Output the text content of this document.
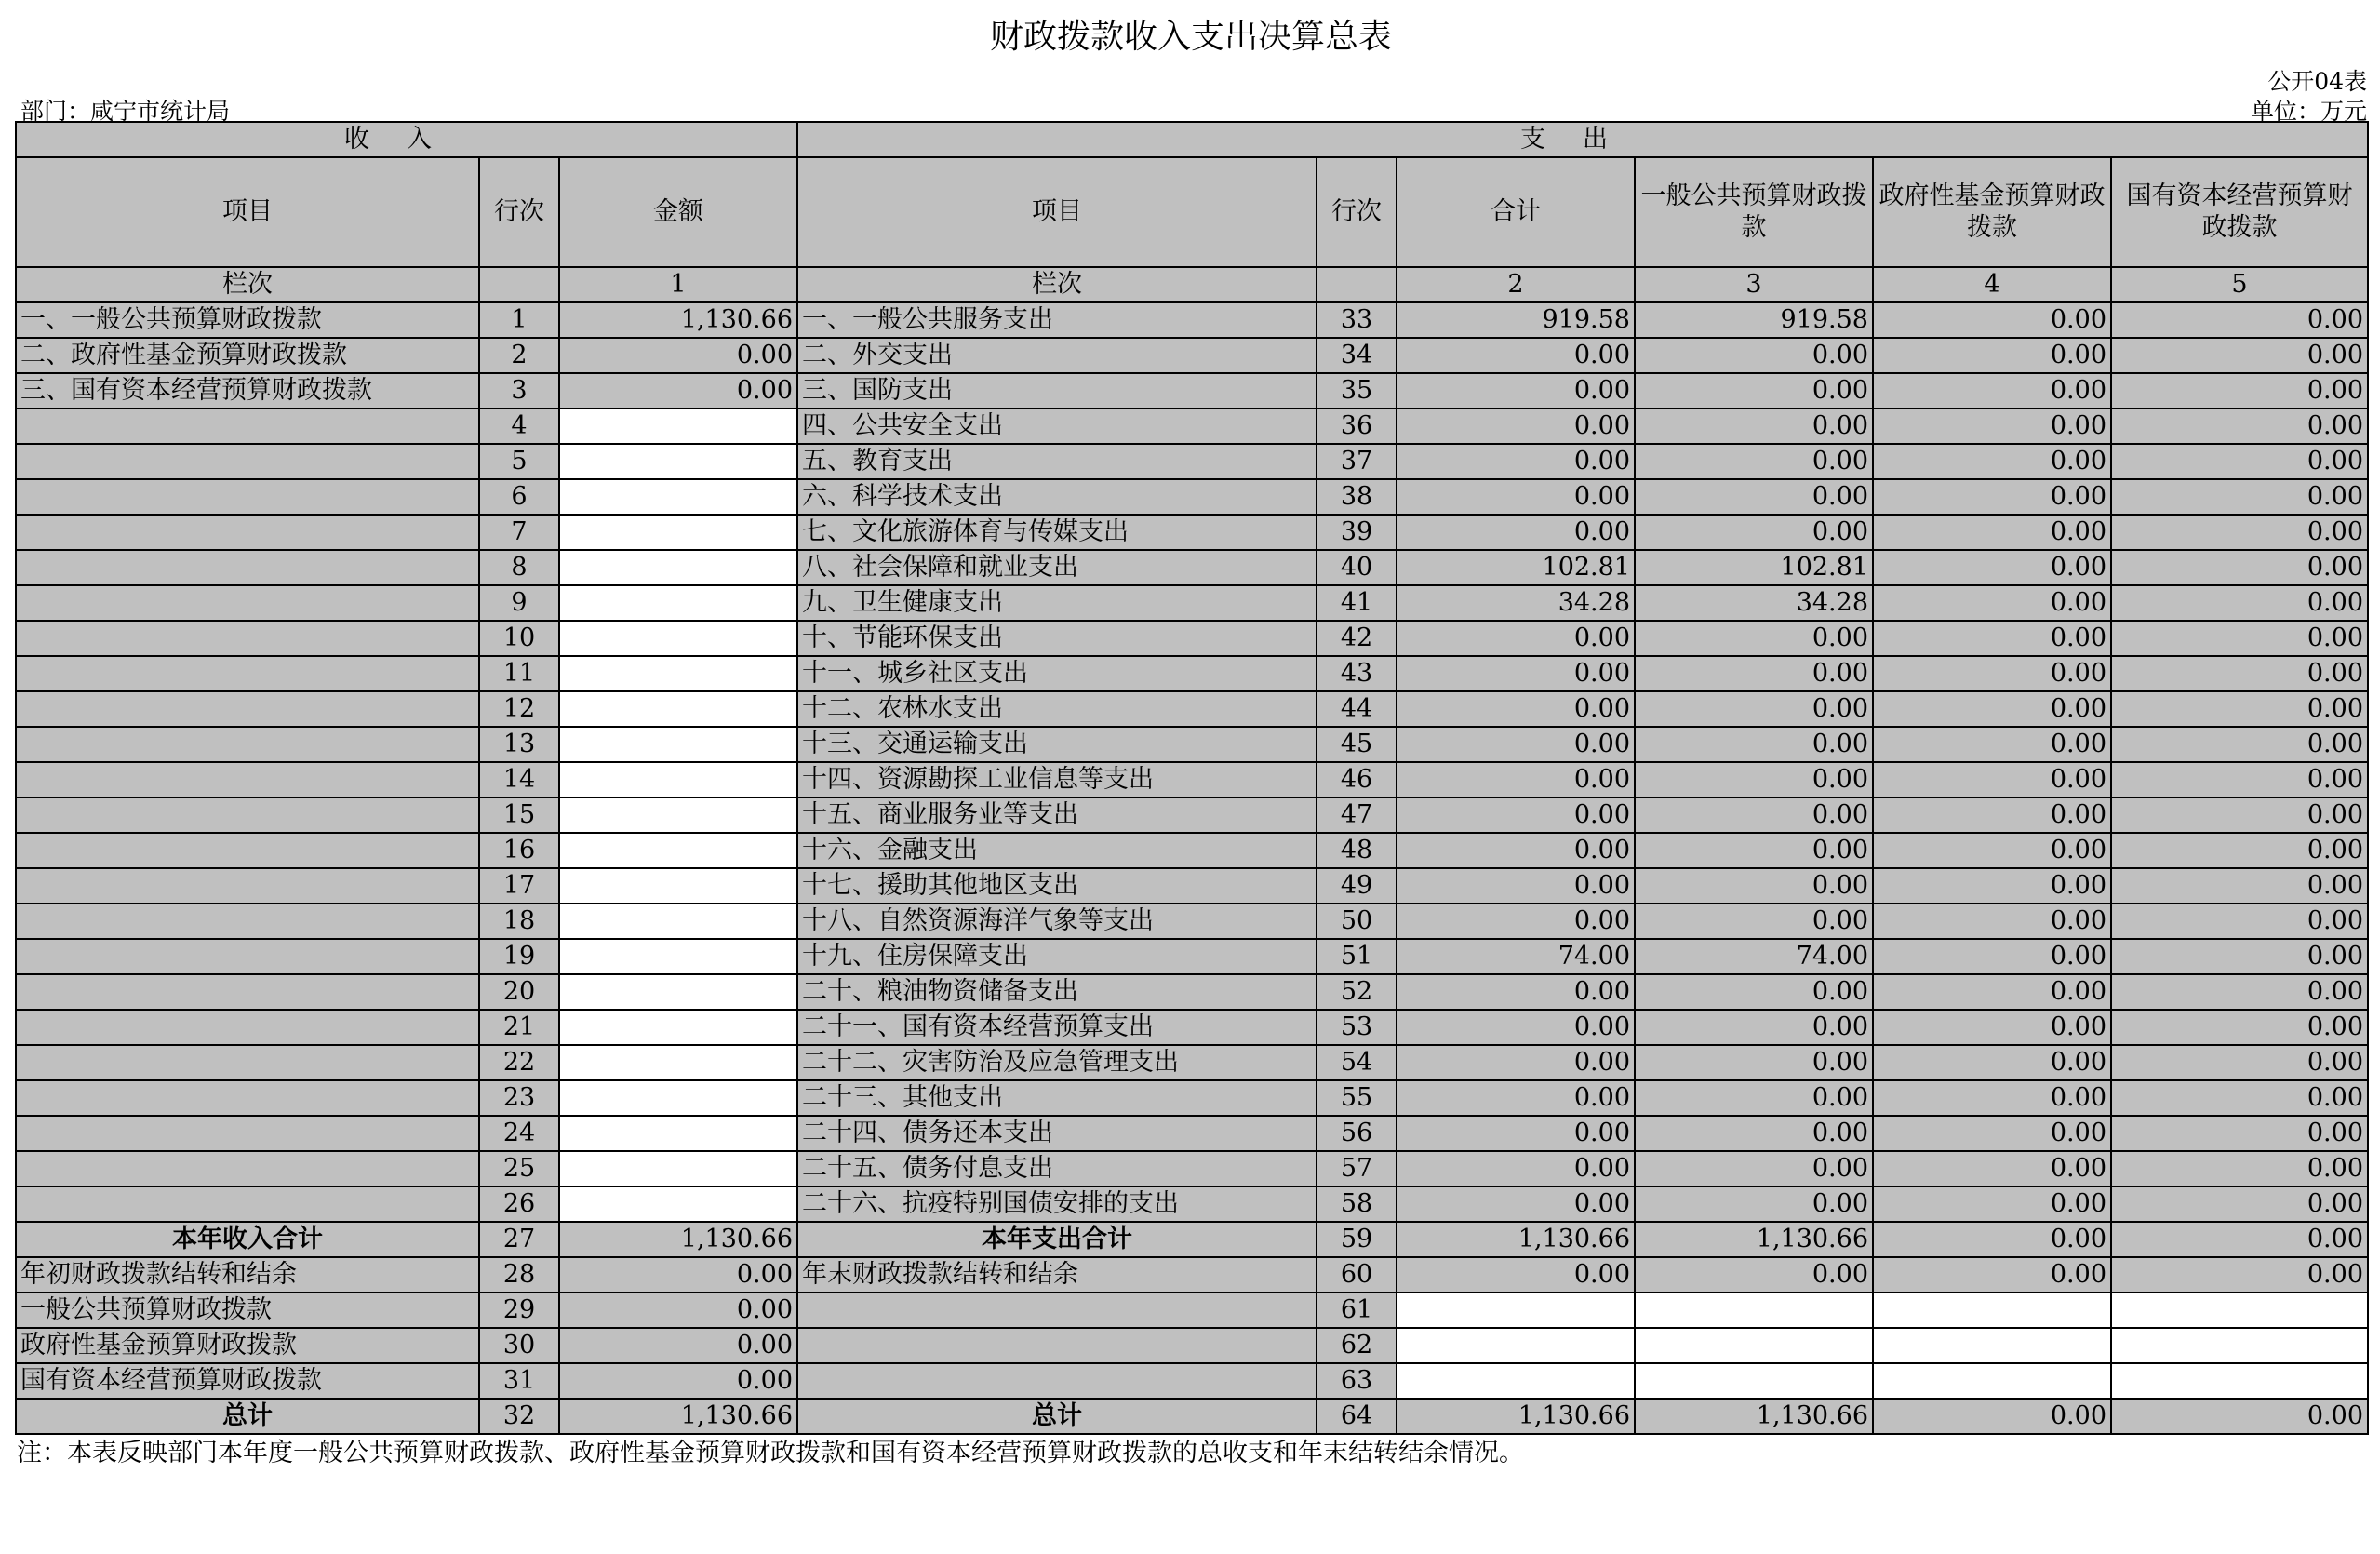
财政拨款收入支出决算总表
公开04表
部门：咸宁市统计局	单位：万元
收入			支出					
项目	行次	金额	项目	行次	合计	一般公共预算财政拨款	政府性基金预算财政拨款	国有资本经营预算财政拨款
栏次		1	栏次		2	3	4	5
一、一般公共预算财政拨款	1	1,130.66	一、一般公共服务支出	33	919.58	919.58	0.00	0.00
二、政府性基金预算财政拨款	2	0.00	二、外交支出	34	0.00	0.00	0.00	0.00
三、国有资本经营预算财政拨款	3	0.00	三、国防支出	35	0.00	0.00	0.00	0.00
	4		四、公共安全支出	36	0.00	0.00	0.00	0.00
	5		五、教育支出	37	0.00	0.00	0.00	0.00
	6		六、科学技术支出	38	0.00	0.00	0.00	0.00
	7		七、文化旅游体育与传媒支出	39	0.00	0.00	0.00	0.00
	8		八、社会保障和就业支出	40	102.81	102.81	0.00	0.00
	9		九、卫生健康支出	41	34.28	34.28	0.00	0.00
	10		十、节能环保支出	42	0.00	0.00	0.00	0.00
	11		十一、城乡社区支出	43	0.00	0.00	0.00	0.00
	12		十二、农林水支出	44	0.00	0.00	0.00	0.00
	13		十三、交通运输支出	45	0.00	0.00	0.00	0.00
	14		十四、资源勘探工业信息等支出	46	0.00	0.00	0.00	0.00
	15		十五、商业服务业等支出	47	0.00	0.00	0.00	0.00
	16		十六、金融支出	48	0.00	0.00	0.00	0.00
	17		十七、援助其他地区支出	49	0.00	0.00	0.00	0.00
	18		十八、自然资源海洋气象等支出	50	0.00	0.00	0.00	0.00
	19		十九、住房保障支出	51	74.00	74.00	0.00	0.00
	20		二十、粮油物资储备支出	52	0.00	0.00	0.00	0.00
	21		二十一、国有资本经营预算支出	53	0.00	0.00	0.00	0.00
	22		二十二、灾害防治及应急管理支出	54	0.00	0.00	0.00	0.00
	23		二十三、其他支出	55	0.00	0.00	0.00	0.00
	24		二十四、债务还本支出	56	0.00	0.00	0.00	0.00
	25		二十五、债务付息支出	57	0.00	0.00	0.00	0.00
	26		二十六、抗疫特别国债安排的支出	58	0.00	0.00	0.00	0.00
本年收入合计	27	1,130.66	本年支出合计	59	1,130.66	1,130.66	0.00	0.00
年初财政拨款结转和结余	28	0.00	年末财政拨款结转和结余	60	0.00	0.00	0.00	0.00
一般公共预算财政拨款	29	0.00		61				
政府性基金预算财政拨款	30	0.00		62				
国有资本经营预算财政拨款	31	0.00		63				
总计	32	1,130.66	总计	64	1,130.66	1,130.66	0.00	0.00
注：本表反映部门本年度一般公共预算财政拨款、政府性基金预算财政拨款和国有资本经营预算财政拨款的总收支和年末结转结余情况。
